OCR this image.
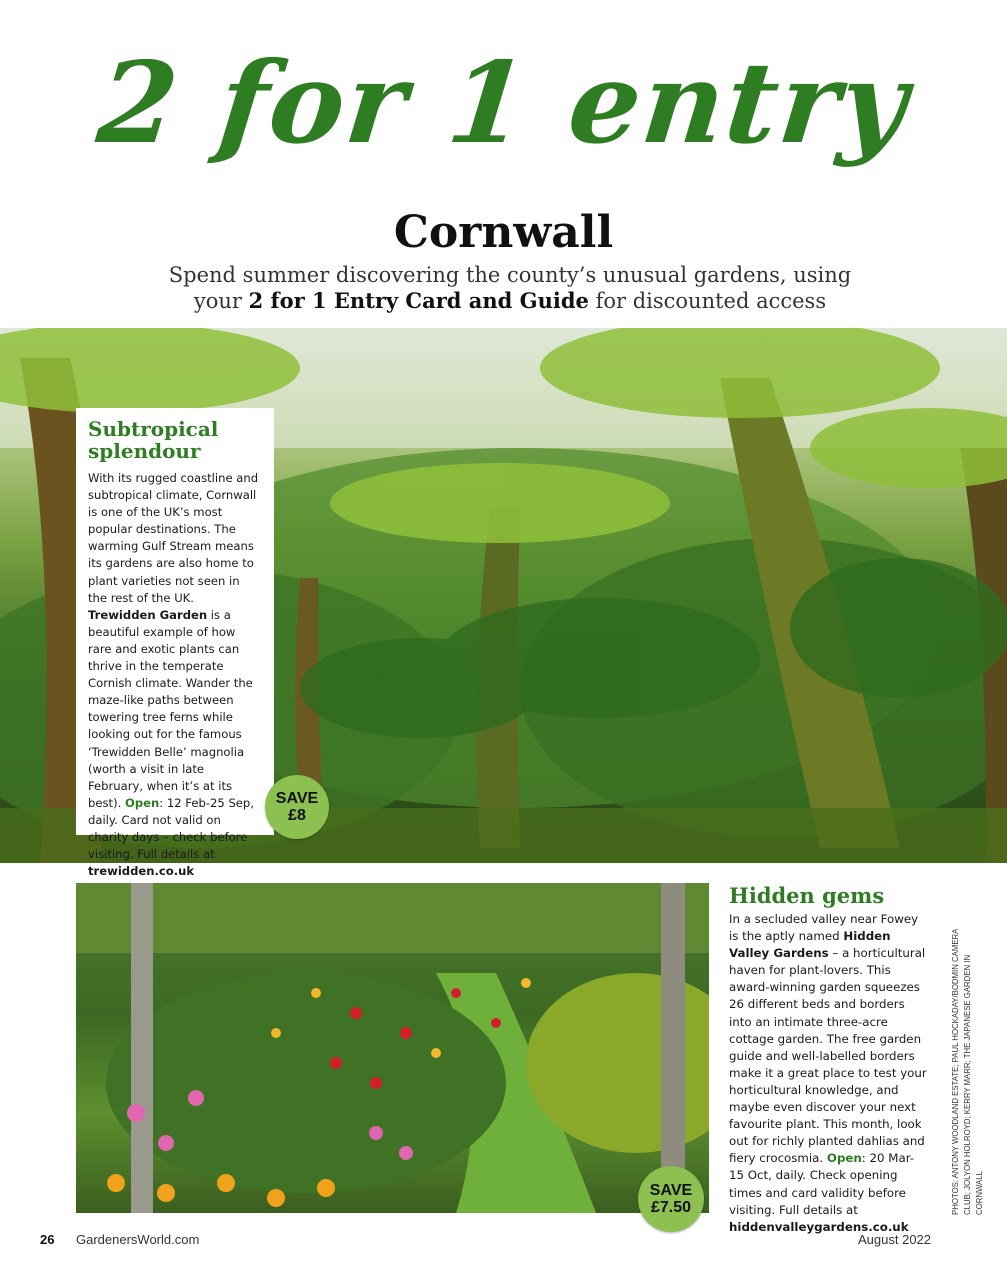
2 for 1 entry
Cornwall
Spend summer discovering the county’s unusual gardens, using your 2 for 1 Entry Card and Guide for discounted access
Subtropical splendour

With its rugged coastline and subtropical climate, Cornwall is one of the UK’s most popular destinations. The warming Gulf Stream means its gardens are also home to plant varieties not seen in the rest of the UK. Trewidden Garden is a beautiful example of how rare and exotic plants can thrive in the temperate Cornish climate. Wander the maze-like paths between towering tree ferns while looking out for the famous ‘Trewidden Belle’ magnolia (worth a visit in late February, when it’s at its best). Open: 12 Feb-25 Sep, daily. Card not valid on charity days – check before visiting. Full details at trewidden.co.uk

SAVE
£8
SAVE
£7.50
Hidden gems

In a secluded valley near Fowey is the aptly named Hidden Valley Gardens – a horticultural haven for plant-lovers. This award-winning garden squeezes 26 different beds and borders into an intimate three-acre cottage garden. The free garden guide and well-labelled borders make it a great place to test your horticultural knowledge, and maybe even discover your next favourite plant. This month, look out for richly planted dahlias and fiery crocosmia. Open: 20 Mar-15 Oct, daily. Check opening times and card validity before visiting. Full details at hiddenvalleygardens.co.uk

PHOTOS: ANTONY WOODLAND ESTATE; PAUL HOCKADAY/BODMIN CAMERA CLUB; JOLYON HOLROYD; KERRY MARR; THE JAPANESE GARDEN IN CORNWALL
26 GardenersWorld.com	August 2022
